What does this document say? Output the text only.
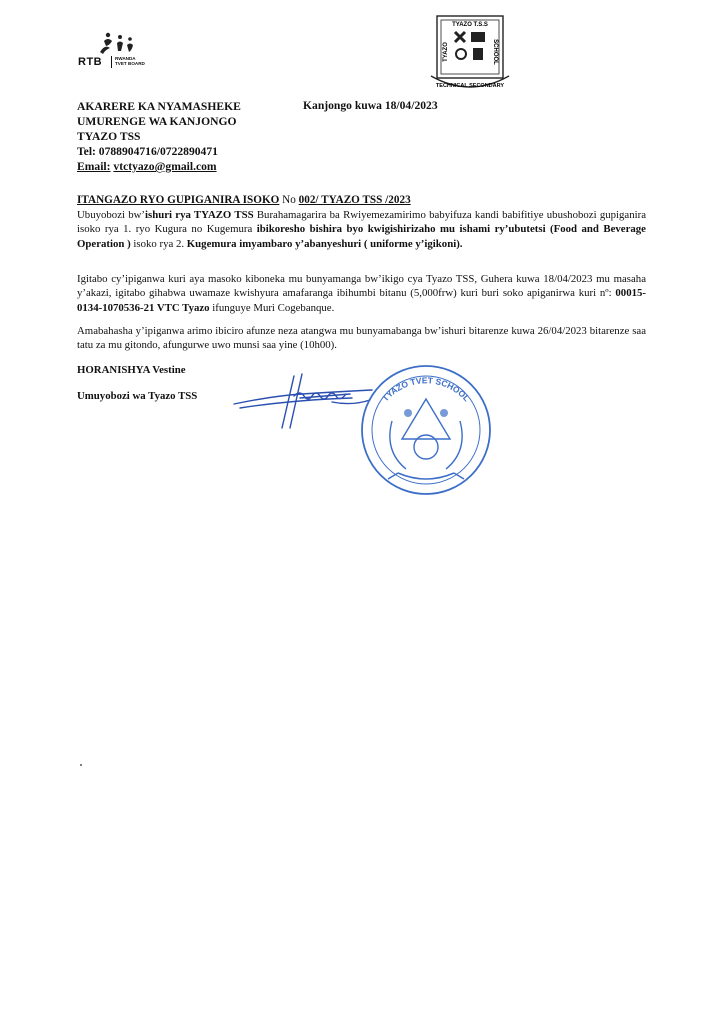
RTB	RWANDA
TVET BOARD
TYAZO T.S.S
TYAZO	SCHOOL
TECHNICAL SECONDARY
AKARERE KA NYAMASHEKE
UMURENGE WA KANJONGO
TYAZO TSS
Tel: 0788904716/0722890471
Email: vtctyazo@gmail.com
Kanjongo kuwa 18/04/2023
ITANGAZO RYO GUPIGANIRA ISOKO No 002/ TYAZO TSS /2023
Ubuyobozi bw’ishuri rya TYAZO TSS Burahamagarira ba Rwiyemezamirimo babyifuza kandi babifitiye ubushobozi gupiganira isoko rya 1. ryo Kugura no Kugemura ibikoresho bishira byo kwigishirizaho mu ishami ry’ubutetsi (Food and Beverage Operation ) isoko rya 2. Kugemura imyambaro y’abanyeshuri ( uniforme y’igikoni).
Igitabo cy’ipiganwa kuri aya masoko kiboneka mu bunyamanga bw’ikigo cya Tyazo TSS, Guhera kuwa 18/04/2023 mu masaha y’akazi, igitabo gihabwa uwamaze kwishyura amafaranga ibihumbi bitanu (5,000frw) kuri buri soko apiganirwa kuri nº: 00015-0134-1070536-21 VTC Tyazo ifunguye Muri Cogebanque.
Amabahasha y’ipiganwa arimo ibiciro afunze neza atangwa mu bunyamabanga bw’ishuri bitarenze kuwa 26/04/2023 bitarenze saa tatu za mu gitondo, afungurwe uwo munsi saa yine (10h00).
HORANISHYA Vestine
Umuyobozi wa Tyazo TSS	TYAZO TVET SCHOOL
